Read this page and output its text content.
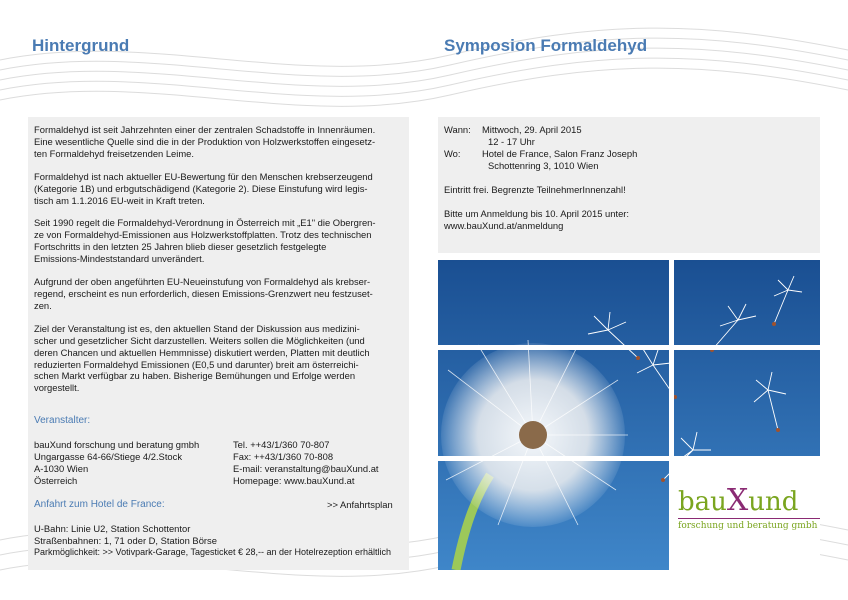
Hintergrund	Symposion Formaldehyd

Formaldehyd ist seit Jahrzehnten einer der zentralen Schadstoffe in Innenräumen.
Eine wesentliche Quelle sind die in der Produktion von Holzwerkstoffen eingesetz-
ten Formaldehyd freisetzenden Leime.

Formaldehyd ist nach aktueller EU-Bewertung für den Menschen krebserzeugend
(Kategorie 1B) und erbgutschädigend (Kategorie 2). Diese Einstufung wird legis-
tisch am 1.1.2016 EU-weit in Kraft treten.

Seit 1990 regelt die Formaldehyd-Verordnung in Österreich mit „E1" die Obergren-
ze von Formaldehyd-Emissionen aus Holzwerkstoffplatten. Trotz des technischen
Fortschritts in den letzten 25 Jahren blieb dieser gesetzlich festgelegte
Emissions-Mindeststandard unverändert.

Aufgrund der oben angeführten EU-Neueinstufung von Formaldehyd als krebser-
regend, erscheint es nun erforderlich, diesen Emissions-Grenzwert neu festzuset-
zen.

Ziel der Veranstaltung ist es, den aktuellen Stand der Diskussion aus medizini-
scher und gesetzlicher Sicht darzustellen. Weiters sollen die Möglichkeiten (und
deren Chancen und aktuellen Hemmnisse) diskutiert werden, Platten mit deutlich
reduzierten Formaldehyd Emissionen (E0,5 und darunter) breit am österreichi-
schen Markt verfügbar zu haben. Bisherige Bemühungen und Erfolge werden
vorgestellt.

Veranstalter:
bauXund forschung und beratung gmbh
Ungargasse 64-66/Stiege 4/2.Stock
A-1030 Wien
Österreich
Tel. ++43/1/360 70-807
Fax: ++43/1/360 70-808
E-mail: veranstaltung@bauXund.at
Homepage: www.bauXund.at
Anfahrt zum Hotel de France:	>> Anfahrtsplan
U-Bahn: Linie U2, Station Schottentor
Straßenbahnen: 1, 71 oder D, Station Börse
Parkmöglichkeit: >> Votivpark-Garage, Tagesticket € 28,-- an der Hotelrezeption erhältlich
Wann: Mittwoch, 29. April 2015
12 - 17 Uhr
Wo: Hotel de France, Salon Franz Joseph
Schottenring 3, 1010 Wien
Eintritt frei. Begrenzte TeilnehmerInnenzahl!
Bitte um Anmeldung bis 10. April 2015 unter:
www.bauXund.at/anmeldung
bauXund
forschung und beratung gmbh
